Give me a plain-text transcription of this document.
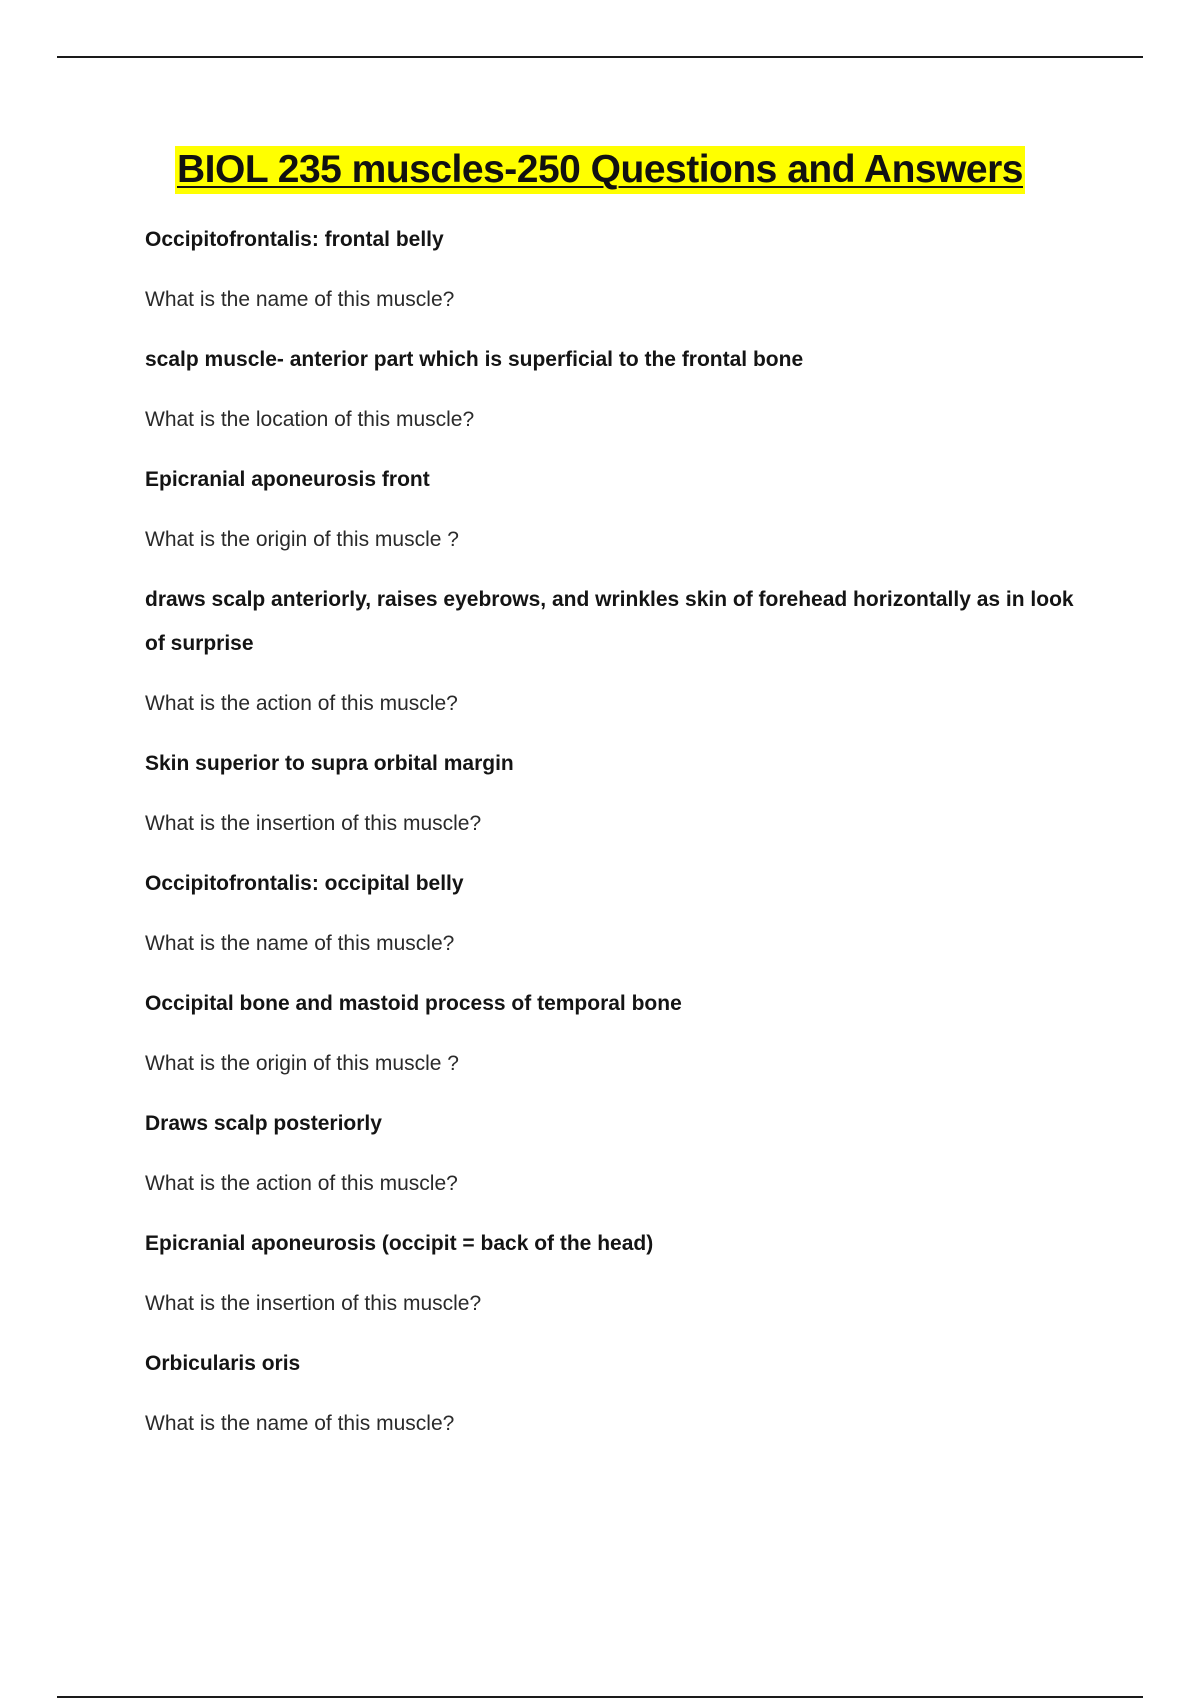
BIOL 235 muscles-250 Questions and Answers
Occipitofrontalis: frontal belly
What is the name of this muscle?
scalp muscle- anterior part which is superficial to the frontal bone
What is the location of this muscle?
Epicranial aponeurosis front
What is the origin of this muscle ?
draws scalp anteriorly, raises eyebrows, and wrinkles skin of forehead horizontally as in look of surprise
What is the action of this muscle?
Skin superior to supra orbital margin
What is the insertion of this muscle?
Occipitofrontalis: occipital belly
What is the name of this muscle?
Occipital bone and mastoid process of temporal bone
What is the origin of this muscle ?
Draws scalp posteriorly
What is the action of this muscle?
Epicranial aponeurosis (occipit = back of the head)
What is the insertion of this muscle?
Orbicularis oris
What is the name of this muscle?
